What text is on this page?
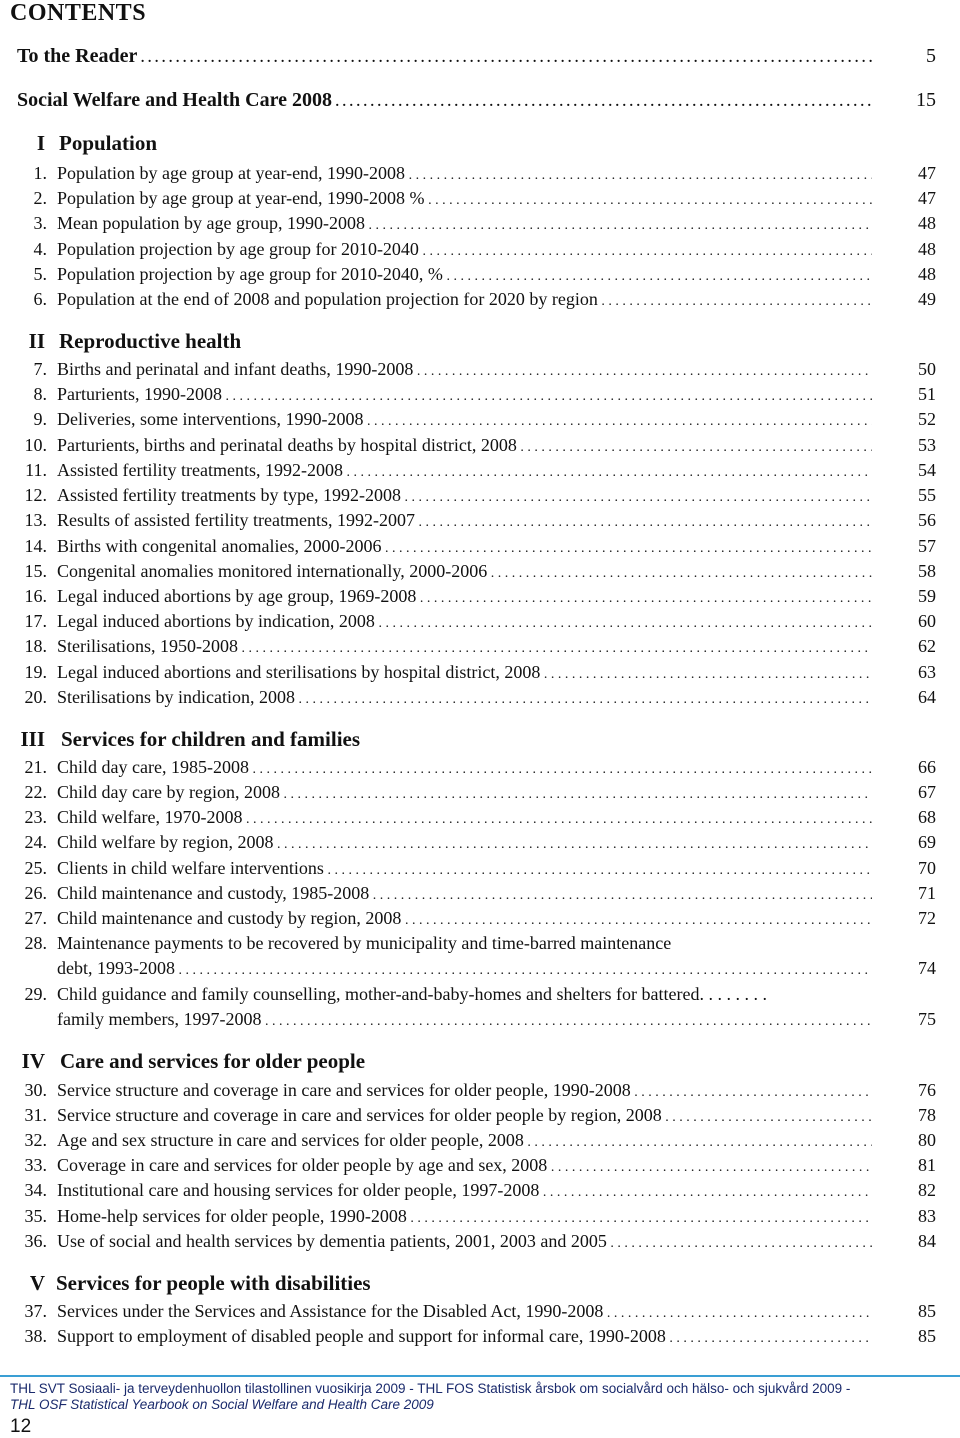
CONTENTS
To the Reader . . .	5
Social Welfare and Health Care 2008 . . .	15
I Population
1. Population by age group at year-end, 1990-2008 . . .	47
2. Population by age group at year-end, 1990-2008 % . . .	47
3. Mean population by age group, 1990-2008 . . .	48
4. Population projection by age group for 2010-2040 . . .	48
5. Population projection by age group for 2010-2040, % . . .	48
6. Population at the end of 2008 and population projection for 2020 by region . . .	49
II Reproductive health
7. Births and perinatal and infant deaths, 1990-2008 . . .	50
8. Parturients, 1990-2008 . . .	51
9. Deliveries, some interventions, 1990-2008 . . .	52
10. Parturients, births and perinatal deaths by hospital district, 2008 . . .	53
11. Assisted fertility treatments, 1992-2008 . . .	54
12. Assisted fertility treatments by type, 1992-2008 . . .	55
13. Results of assisted fertility treatments, 1992-2007 . . .	56
14. Births with congenital anomalies, 2000-2006 . . .	57
15. Congenital anomalies monitored internationally, 2000-2006 . . .	58
16. Legal induced abortions by age group, 1969-2008 . . .	59
17. Legal induced abortions by indication, 2008 . . .	60
18. Sterilisations, 1950-2008 . . .	62
19. Legal induced abortions and sterilisations by hospital district, 2008 . . .	63
20. Sterilisations by indication, 2008 . . .	64
III Services for children and families
21. Child day care, 1985-2008 . . .	66
22. Child day care by region, 2008 . . .	67
23. Child welfare, 1970-2008 . . .	68
24. Child welfare by region, 2008 . . .	69
25. Clients in child welfare interventions . . .	70
26. Child maintenance and custody, 1985-2008 . . .	71
27. Child maintenance and custody by region, 2008 . . .	72
28. Maintenance payments to be recovered by municipality and time-barred maintenance
debt, 1993-2008 . . .	74
29. Child guidance and family counselling, mother-and-baby-homes and shelters for battered. . . . . . . .
family members, 1997-2008 . . .	75
IV Care and services for older people
30. Service structure and coverage in care and services for older people, 1990-2008 . . .	76
31. Service structure and coverage in care and services for older people by region, 2008 . . .	78
32. Age and sex structure in care and services for older people, 2008 . . .	80
33. Coverage in care and services for older people by age and sex, 2008 . . .	81
34. Institutional care and housing services for older people, 1997-2008 . . .	82
35. Home-help services for older people, 1990-2008 . . .	83
36. Use of social and health services by dementia patients, 2001, 2003 and 2005 . . .	84
V Services for people with disabilities
37. Services under the Services and Assistance for the Disabled Act, 1990-2008 . . .	85
38. Support to employment of disabled people and support for informal care, 1990-2008 . . .	85
THL SVT Sosiaali- ja terveydenhuollon tilastollinen vuosikirja 2009 - THL FOS Statistisk årsbok om socialvård och hälso- och sjukvård 2009 -
THL OSF Statistical Yearbook on Social Welfare and Health Care 2009
12
